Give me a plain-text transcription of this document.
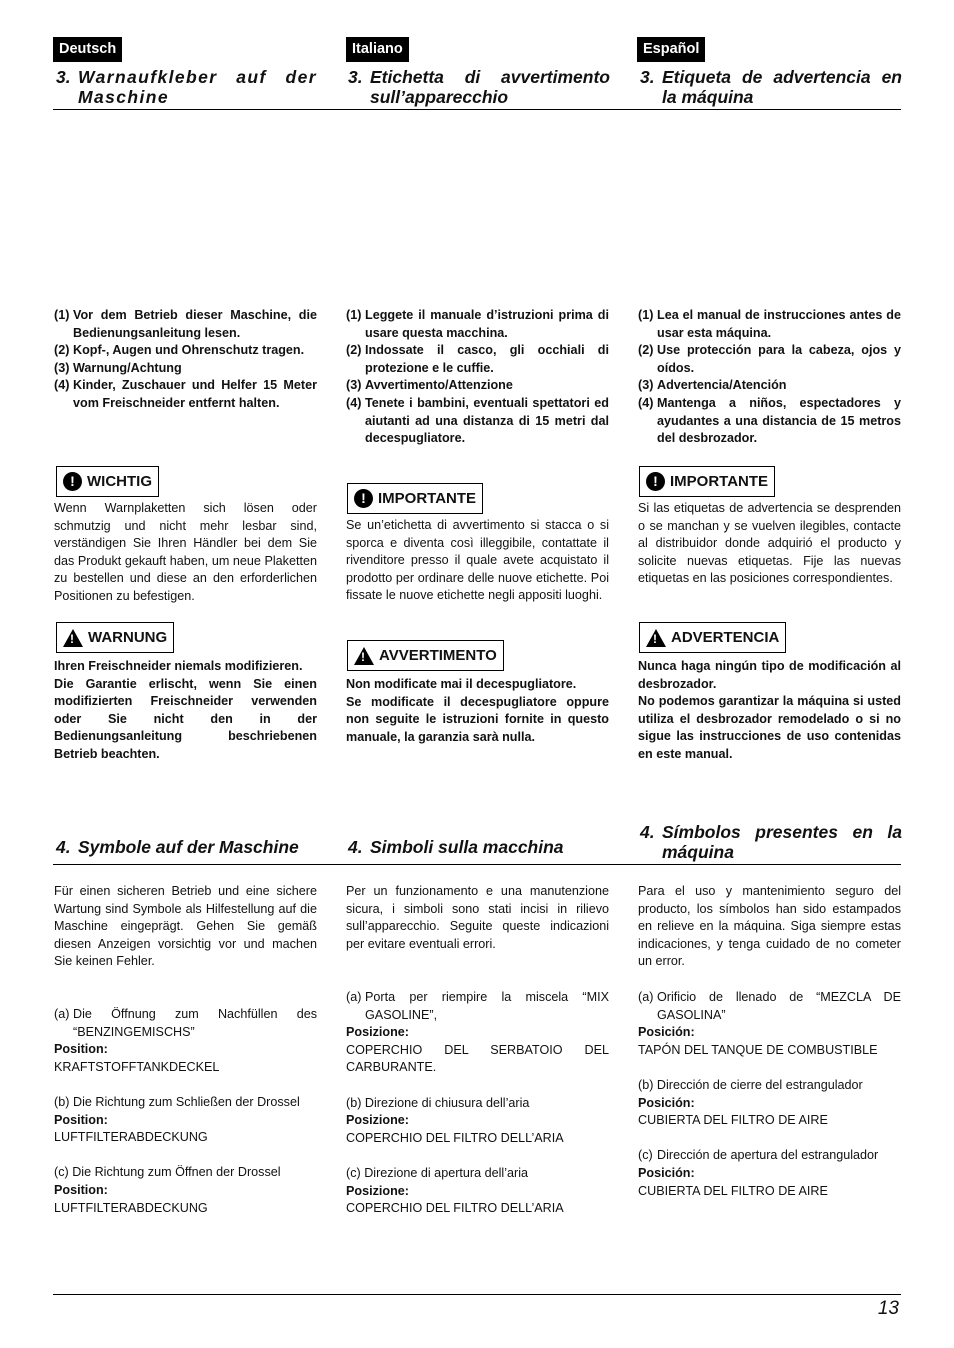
Deutsch	Italiano	Español
3. Warnaufkleber auf der Maschine
3. Etichetta di avvertimento sull’apparecchio
3. Etiqueta de advertencia en la máquina
(1) Vor dem Betrieb dieser Maschine, die Bedienungsanleitung lesen.
(2) Kopf-, Augen und Ohrenschutz tragen.
(3) Warnung/Achtung
(4) Kinder, Zuschauer und Helfer 15 Meter vom Freischneider entfernt halten.
(1) Leggete il manuale d’istruzioni prima di usare questa macchina.
(2) Indossate il casco, gli occhiali di protezione e le cuffie.
(3) Avvertimento/Attenzione
(4) Tenete i bambini, eventuali spettatori ed aiutanti ad una distanza di 15 metri dal decespugliatore.
(1) Lea el manual de instrucciones antes de usar esta máquina.
(2) Use protección para la cabeza, ojos y oídos.
(3) Advertencia/Atención
(4) Mantenga a niños, espectadores y ayudantes a una distancia de 15 metros del desbrozador.
! WICHTIG
! IMPORTANTE
! IMPORTANTE
Wenn Warnplaketten sich lösen oder schmutzig und nicht mehr lesbar sind, verständigen Sie Ihren Händler bei dem Sie das Produkt gekauft haben, um neue Plaketten zu bestellen und diese an den erforderlichen Positionen zu befestigen.
Se un’etichetta di avvertimento si stacca o si sporca e diventa così illeggibile, contattate il rivenditore presso il quale avete acquistato il prodotto per ordinare delle nuove etichette. Poi fissate le nuove etichette negli appositi luoghi.
Si las etiquetas de advertencia se desprenden o se manchan y se vuelven ilegibles, contacte al distribuidor donde adquirió el producto y solicite nuevas etiquetas. Fije las nuevas etiquetas en las posiciones correspondientes.
! WARNUNG
! AVVERTIMENTO
! ADVERTENCIA
Ihren Freischneider niemals modifizieren.
Die Garantie erlischt, wenn Sie einen modifizierten Freischneider verwenden oder Sie nicht den in der Bedienungsanleitung beschriebenen Betrieb beachten.
Non modificate mai il decespugliatore.
Se modificate il decespugliatore oppure non seguite le istruzioni fornite in questo manuale, la garanzia sarà nulla.
Nunca haga ningún tipo de modificación al desbrozador.
No podemos garantizar la máquina si usted utiliza el desbrozador remodelado o si no sigue las instrucciones de uso contenidas en este manual.
4. Symbole auf der Maschine	4. Simboli sulla macchina
4. Símbolos presentes en la máquina
Für einen sicheren Betrieb und eine sichere Wartung sind Symbole als Hilfestellung auf die Maschine eingeprägt. Gehen Sie gemäß diesen Anzeigen vorsichtig vor und machen Sie keinen Fehler.
Per un funzionamento e una manutenzione sicura, i simboli sono stati incisi in rilievo sull’apparecchio. Seguite queste indicazioni per evitare eventuali errori.
Para el uso y mantenimiento seguro del producto, los símbolos han sido estampados en relieve en la máquina. Siga siempre estas indicaciones, y tenga cuidado de no cometer un error.
(a) Die Öffnung zum Nachfüllen des “BENZINGEMISCHS”
Position:
KRAFTSTOFFTANKDECKEL
(b) Die Richtung zum Schließen der Drossel
Position:
LUFTFILTERABDECKUNG
(c) Die Richtung zum Öffnen der Drossel
Position:
LUFTFILTERABDECKUNG
(a) Porta per riempire la miscela “MIX GASOLINE”,
Posizione:
COPERCHIO DEL SERBATOIO DEL CARBURANTE.
(b) Direzione di chiusura dell’aria
Posizione:
COPERCHIO DEL FILTRO DELL’ARIA
(c) Direzione di apertura dell’aria
Posizione:
COPERCHIO DEL FILTRO DELL’ARIA
(a) Orificio de llenado de “MEZCLA DE GASOLINA”
Posición:
TAPÓN DEL TANQUE DE COMBUSTIBLE
(b) Dirección de cierre del estrangulador
Posición:
CUBIERTA DEL FILTRO DE AIRE
(c) Dirección de apertura del estrangulador
Posición:
CUBIERTA DEL FILTRO DE AIRE
13
